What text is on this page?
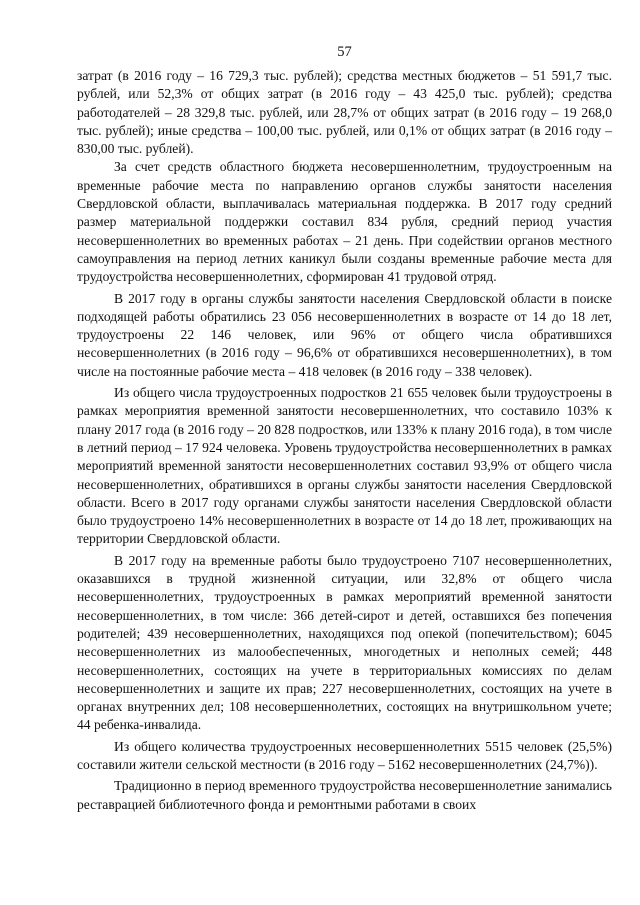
57

затрат (в 2016 году – 16 729,3 тыс. рублей); средства местных бюджетов – 51 591,7 тыс. рублей, или 52,3% от общих затрат (в 2016 году – 43 425,0 тыс. рублей); средства работодателей – 28 329,8 тыс. рублей, или 28,7% от общих затрат (в 2016 году – 19 268,0 тыс. рублей); иные средства – 100,00 тыс. рублей, или 0,1% от общих затрат (в 2016 году – 830,00 тыс. рублей).

За счет средств областного бюджета несовершеннолетним, трудоустроенным на временные рабочие места по направлению органов службы занятости населения Свердловской области, выплачивалась материальная поддержка. В 2017 году средний размер материальной поддержки составил 834 рубля, средний период участия несовершеннолетних во временных работах – 21 день. При содействии органов местного самоуправления на период летних каникул были созданы временные рабочие места для трудоустройства несовершеннолетних, сформирован 41 трудовой отряд.

В 2017 году в органы службы занятости населения Свердловской области в поиске подходящей работы обратились 23 056 несовершеннолетних в возрасте от 14 до 18 лет, трудоустроены 22 146 человек, или 96% от общего числа обратившихся несовершеннолетних (в 2016 году – 96,6% от обратившихся несовершеннолетних), в том числе на постоянные рабочие места – 418 человек (в 2016 году – 338 человек).

Из общего числа трудоустроенных подростков 21 655 человек были трудоустроены в рамках мероприятия временной занятости несовершеннолетних, что составило 103% к плану 2017 года (в 2016 году – 20 828 подростков, или 133% к плану 2016 года), в том числе в летний период – 17 924 человека. Уровень трудоустройства несовершеннолетних в рамках мероприятий временной занятости несовершеннолетних составил 93,9% от общего числа несовершеннолетних, обратившихся в органы службы занятости населения Свердловской области. Всего в 2017 году органами службы занятости населения Свердловской области было трудоустроено 14% несовершеннолетних в возрасте от 14 до 18 лет, проживающих на территории Свердловской области.

В 2017 году на временные работы было трудоустроено 7107 несовершеннолетних, оказавшихся в трудной жизненной ситуации, или 32,8% от общего числа несовершеннолетних, трудоустроенных в рамках мероприятий временной занятости несовершеннолетних, в том числе: 366 детей-сирот и детей, оставшихся без попечения родителей; 439 несовершеннолетних, находящихся под опекой (попечительством); 6045 несовершеннолетних из малообеспеченных, многодетных и неполных семей; 448 несовершеннолетних, состоящих на учете в территориальных комиссиях по делам несовершеннолетних и защите их прав; 227 несовершеннолетних, состоящих на учете в органах внутренних дел; 108 несовершеннолетних, состоящих на внутришкольном учете; 44 ребенка-инвалида.

Из общего количества трудоустроенных несовершеннолетних 5515 человек (25,5%) составили жители сельской местности (в 2016 году – 5162 несовершеннолетних (24,7%)).

Традиционно в период временного трудоустройства несовершеннолетние занимались реставрацией библиотечного фонда и ремонтными работами в своих
